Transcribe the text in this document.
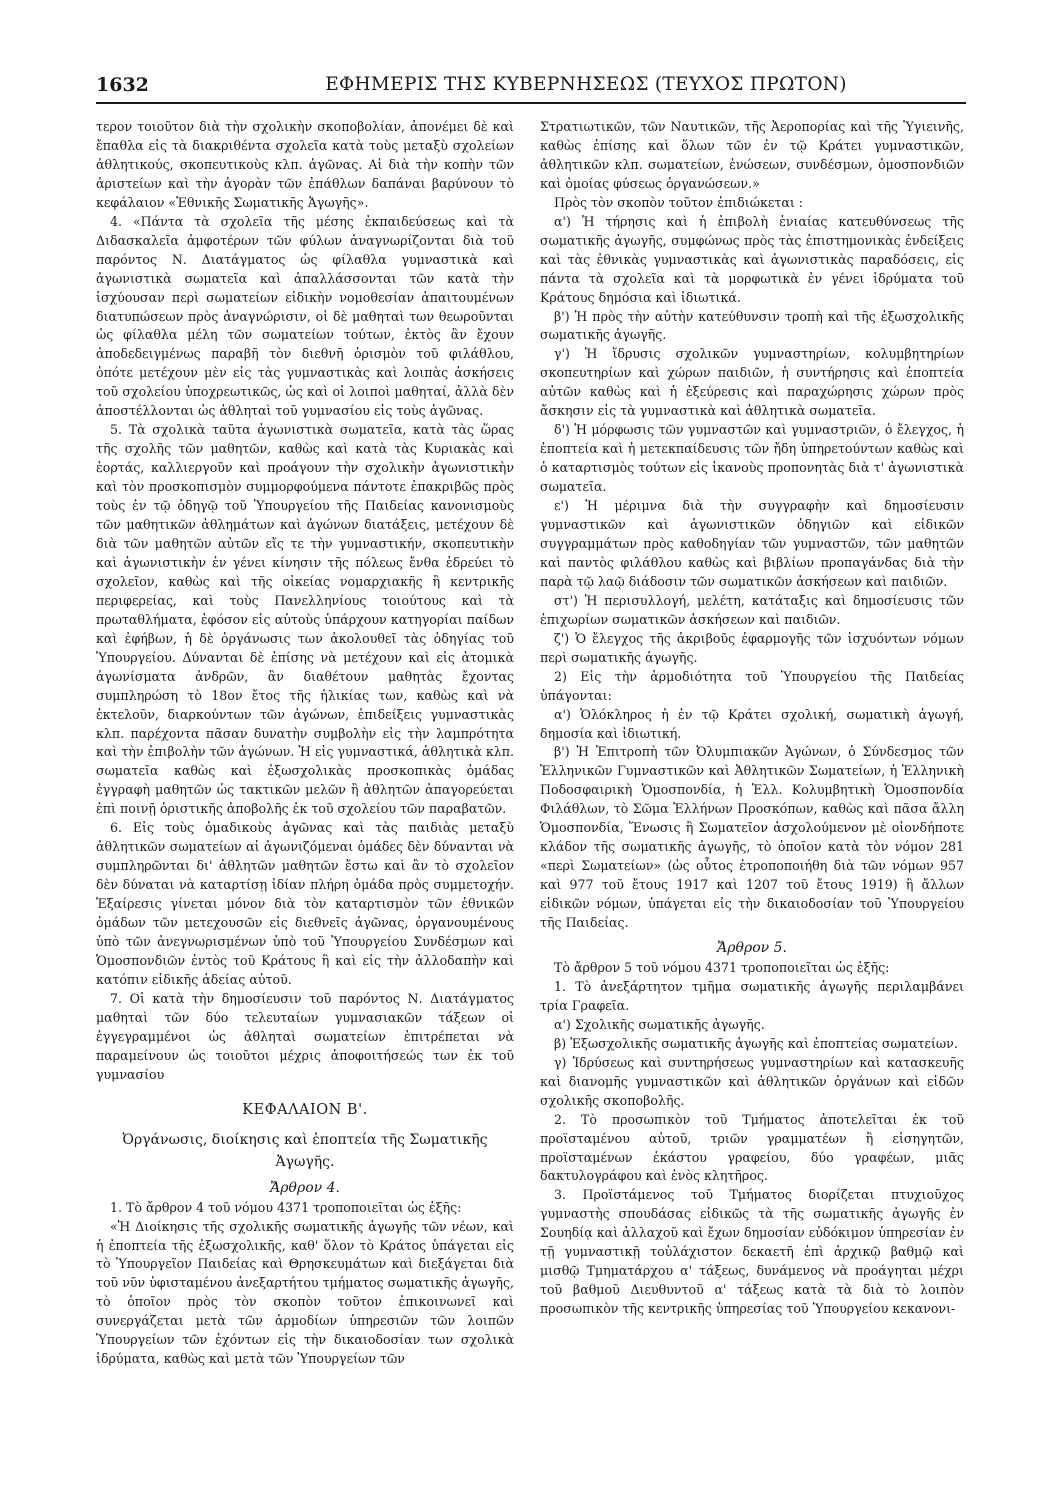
1632	ΕΦΗΜΕΡΙΣ ΤΗΣ ΚΥΒΕΡΝΗΣΕΩΣ (ΤΕΥΧΟΣ ΠΡΩΤΟΝ)

τερον τοιοῦτον διὰ τὴν σχολικὴν σκοποβολίαν, ἀπονέμει δὲ καὶ ἔπαθλα εἰς τὰ διακριθέντα σχολεῖα κατὰ τοὺς μεταξὺ σχολείων ἀθλητικούς, σκοπευτικοὺς κλπ. ἀγῶνας. Αἱ διὰ τὴν κοπὴν τῶν ἀριστείων καὶ τὴν ἀγορὰν τῶν ἐπάθλων δαπάναι βαρύνουν τὸ κεφάλαιον «Ἐθνικῆς Σωματικῆς Ἀγωγῆς».

4. «Πάντα τὰ σχολεῖα τῆς μέσης ἐκπαιδεύσεως καὶ τὰ Διδασκαλεῖα ἀμφοτέρων τῶν φύλων ἀναγνωρίζονται διὰ τοῦ παρόντος Ν. Διατάγματος ὡς φίλαθλα γυμναστικὰ καὶ ἀγωνιστικὰ σωματεῖα καὶ ἀπαλλάσσονται τῶν κατὰ τὴν ἰσχύουσαν περὶ σωματείων εἰδικὴν νομοθεσίαν ἀπαιτουμένων διατυπώσεων πρὸς ἀναγνώρισιν, οἱ δὲ μαθηταὶ των θεωροῦνται ὡς φίλαθλα μέλη τῶν σωματείων τούτων, ἐκτὸς ἂν ἔχουν ἀποδεδειγμένως παραβῆ τὸν διεθνῆ ὁρισμὸν τοῦ φιλάθλου, ὁπότε μετέχουν μὲν εἰς τὰς γυμναστικὰς καὶ λοιπὰς ἀσκήσεις τοῦ σχολείου ὑποχρεωτικῶς, ὡς καὶ οἱ λοιποὶ μαθηταί, ἀλλὰ δὲν ἀποστέλλονται ὡς ἀθληταὶ τοῦ γυμνασίου εἰς τοὺς ἀγῶνας.

5. Τὰ σχολικὰ ταῦτα ἀγωνιστικὰ σωματεῖα, κατὰ τὰς ὥρας τῆς σχολῆς τῶν μαθητῶν, καθὼς καὶ κατὰ τὰς Κυριακὰς καὶ ἑορτάς, καλλιεργοῦν καὶ προάγουν τὴν σχολικὴν ἀγωνιστικὴν καὶ τὸν προσκοπισμὸν συμμορφούμενα πάντοτε ἐπακριβῶς πρὸς τοὺς ἐν τῷ ὁδηγῷ τοῦ Ὑπουργείου τῆς Παιδείας κανονισμοὺς τῶν μαθητικῶν ἀθλημάτων καὶ ἀγώνων διατάξεις, μετέχουν δὲ διὰ τῶν μαθητῶν αὐτῶν εἴς τε τὴν γυμναστικήν, σκοπευτικὴν καὶ ἀγωνιστικὴν ἐν γένει κίνησιν τῆς πόλεως ἔνθα ἑδρεύει τὸ σχολεῖον, καθὼς καὶ τῆς οἰκείας νομαρχιακῆς ἢ κεντρικῆς περιφερείας, καὶ τοὺς Πανελληνίους τοιούτους καὶ τὰ πρωταθλήματα, ἐφόσον εἰς αὐτοὺς ὑπάρχουν κατηγορίαι παίδων καὶ ἐφήβων, ἡ δὲ ὀργάνωσις των ἀκολουθεῖ τὰς ὁδηγίας τοῦ Ὑπουργείου. Δύνανται δὲ ἐπίσης νὰ μετέχουν καὶ εἰς ἀτομικὰ ἀγωνίσματα ἀνδρῶν, ἂν διαθέτουν μαθητὰς ἔχοντας συμπληρώση τὸ 18ον ἔτος τῆς ἡλικίας των, καθὼς καὶ νὰ ἐκτελοῦν, διαρκούντων τῶν ἀγώνων, ἐπιδείξεις γυμναστικὰς κλπ. παρέχοντα πᾶσαν δυνατὴν συμβολὴν εἰς τὴν λαμπρότητα καὶ τὴν ἐπιβολὴν τῶν ἀγώνων. Ἡ εἰς γυμναστικά, ἀθλητικὰ κλπ. σωματεῖα καθὼς καὶ ἐξωσχολικὰς προσκοπικὰς ὁμάδας ἐγγραφὴ μαθητῶν ὡς τακτικῶν μελῶν ἢ ἀθλητῶν ἀπαγορεύεται ἐπὶ ποινῇ ὁριστικῆς ἀποβολῆς ἐκ τοῦ σχολείου τῶν παραβατῶν.

6. Εἰς τοὺς ὁμαδικοὺς ἀγῶνας καὶ τὰς παιδιὰς μεταξὺ ἀθλητικῶν σωματείων αἱ ἀγωνιζόμεναι ὁμάδες δὲν δύνανται νὰ συμπληρῶνται δι' ἀθλητῶν μαθητῶν ἔστω καὶ ἂν τὸ σχολεῖον δὲν δύναται νὰ καταρτίσῃ ἰδίαν πλήρη ὁμάδα πρὸς συμμετοχήν. Ἐξαίρεσις γίνεται μόνον διὰ τὸν καταρτισμὸν τῶν ἐθνικῶν ὁμάδων τῶν μετεχουσῶν εἰς διεθνεῖς ἀγῶνας, ὀργανουμένους ὑπὸ τῶν ἀνεγνωρισμένων ὑπὸ τοῦ Ὑπουργείου Συνδέσμων καὶ Ὁμοσπονδιῶν ἐντὸς τοῦ Κράτους ἢ καὶ εἰς τὴν ἀλλοδαπὴν καὶ κατόπιν εἰδικῆς ἀδείας αὐτοῦ.

7. Οἱ κατὰ τὴν δημοσίευσιν τοῦ παρόντος Ν. Διατάγματος μαθηταὶ τῶν δύο τελευταίων γυμνασιακῶν τάξεων οἱ ἐγγεγραμμένοι ὡς ἀθληταὶ σωματείων ἐπιτρέπεται νὰ παραμείνουν ὡς τοιοῦτοι μέχρις ἀποφοιτήσεώς των ἐκ τοῦ γυμνασίου

ΚΕΦΑΛΑΙΟΝ Β'.

Ὀργάνωσις, διοίκησις καὶ ἐποπτεία τῆς Σωματικῆς

Ἀγωγῆς.

Ἄρθρον 4.

1. Τὸ ἄρθρον 4 τοῦ νόμου 4371 τροποποιεῖται ὡς ἑξῆς:

«Ἡ Διοίκησις τῆς σχολικῆς σωματικῆς ἀγωγῆς τῶν νέων, καὶ ἡ ἐποπτεία τῆς ἐξωσχολικῆς, καθ' ὅλον τὸ Κράτος ὑπάγεται εἰς τὸ Ὑπουργεῖον Παιδείας καὶ Θρησκευμάτων καὶ διεξάγεται διὰ τοῦ νῦν ὑφισταμένου ἀνεξαρτήτου τμήματος σωματικῆς ἀγωγῆς, τὸ ὁποῖον πρὸς τὸν σκοπὸν τοῦτον ἐπικοινωνεῖ καὶ συνεργάζεται μετὰ τῶν ἁρμοδίων ὑπηρεσιῶν τῶν λοιπῶν Ὑπουργείων τῶν ἐχόντων εἰς τὴν δικαιοδοσίαν των σχολικὰ ἱδρύματα, καθὼς καὶ μετὰ τῶν Ὑπουργείων τῶν

Στρατιωτικῶν, τῶν Ναυτικῶν, τῆς Ἀεροπορίας καὶ τῆς Ὑγιεινῆς, καθὼς ἐπίσης καὶ ὅλων τῶν ἐν τῷ Κράτει γυμναστικῶν, ἀθλητικῶν κλπ. σωματείων, ἑνώσεων, συνδέσμων, ὁμοσπονδιῶν καὶ ὁμοίας φύσεως ὀργανώσεων.»

Πρὸς τὸν σκοπὸν τοῦτον ἐπιδιώκεται :

α') Ἡ τήρησις καὶ ἡ ἐπιβολὴ ἑνιαίας κατευθύνσεως τῆς σωματικῆς ἀγωγῆς, συμφώνως πρὸς τὰς ἐπιστημονικὰς ἐνδείξεις καὶ τὰς ἐθνικὰς γυμναστικὰς καὶ ἀγωνιστικὰς παραδόσεις, εἰς πάντα τὰ σχολεῖα καὶ τὰ μορφωτικὰ ἐν γένει ἱδρύματα τοῦ Κράτους δημόσια καὶ ἰδιωτικά.

β') Ἡ πρὸς τὴν αὐτὴν κατεύθυνσιν τροπὴ καὶ τῆς ἐξωσχολικῆς σωματικῆς ἀγωγῆς.

γ') Ἡ ἵδρυσις σχολικῶν γυμναστηρίων, κολυμβητηρίων σκοπευτηρίων καὶ χώρων παιδιῶν, ἡ συντήρησις καὶ ἐποπτεία αὐτῶν καθὼς καὶ ἡ ἐξεύρεσις καὶ παραχώρησις χώρων πρὸς ἄσκησιν εἰς τὰ γυμναστικὰ καὶ ἀθλητικὰ σωματεῖα.

δ') Ἡ μόρφωσις τῶν γυμναστῶν καὶ γυμναστριῶν, ὁ ἔλεγχος, ἡ ἐποπτεία καὶ ἡ μετεκπαίδευσις τῶν ἤδη ὑπηρετούντων καθὼς καὶ ὁ καταρτισμὸς τούτων εἰς ἱκανοὺς προπονητὰς διὰ τ' ἀγωνιστικὰ σωματεῖα.

ε') Ἡ μέριμνα διὰ τὴν συγγραφὴν καὶ δημοσίευσιν γυμναστικῶν καὶ ἀγωνιστικῶν ὁδηγιῶν καὶ εἰδικῶν συγγραμμάτων πρὸς καθοδηγίαν τῶν γυμναστῶν, τῶν μαθητῶν καὶ παντὸς φιλάθλου καθὼς καὶ βιβλίων προπαγάνδας διὰ τὴν παρὰ τῷ λαῷ διάδοσιν τῶν σωματικῶν ἀσκήσεων καὶ παιδιῶν.

στ') Ἡ περισυλλογή, μελέτη, κατάταξις καὶ δημοσίευσις τῶν ἐπιχωρίων σωματικῶν ἀσκήσεων καὶ παιδιῶν.

ζ') Ὁ ἔλεγχος τῆς ἀκριβοῦς ἐφαρμογῆς τῶν ἰσχυόντων νόμων περὶ σωματικῆς ἀγωγῆς.

2) Εἰς τὴν ἁρμοδιότητα τοῦ Ὑπουργείου τῆς Παιδείας ὑπάγονται:

α') Ὁλόκληρος ἡ ἐν τῷ Κράτει σχολική, σωματικὴ ἀγωγή, δημοσία καὶ ἰδιωτική.

β') Ἡ Ἐπιτροπὴ τῶν Ὀλυμπιακῶν Ἀγώνων, ὁ Σύνδεσμος τῶν Ἑλληνικῶν Γυμναστικῶν καὶ Ἀθλητικῶν Σωματείων, ἡ Ἑλληνικὴ Ποδοσφαιρικὴ Ὁμοσπονδία, ἡ Ἑλλ. Κολυμβητικὴ Ὁμοσπονδία Φιλάθλων, τὸ Σῶμα Ἑλλήνων Προσκόπων, καθὼς καὶ πᾶσα ἄλλη Ὁμοσπονδία, Ἕνωσις ἢ Σωματεῖον ἀσχολούμενον μὲ οἱονδήποτε κλάδον τῆς σωματικῆς ἀγωγῆς, τὸ ὁποῖον κατὰ τὸν νόμον 281 «περὶ Σωματείων» (ὡς οὗτος ἐτροποποιήθη διὰ τῶν νόμων 957 καὶ 977 τοῦ ἔτους 1917 καὶ 1207 τοῦ ἔτους 1919) ἢ ἄλλων εἰδικῶν νόμων, ὑπάγεται εἰς τὴν δικαιοδοσίαν τοῦ Ὑπουργείου τῆς Παιδείας.

Ἄρθρον 5.

Τὸ ἄρθρον 5 τοῦ νόμου 4371 τροποποιεῖται ὡς ἑξῆς:

1. Τὸ ἀνεξάρτητον τμῆμα σωματικῆς ἀγωγῆς περιλαμβάνει τρία Γραφεῖα.

α') Σχολικῆς σωματικῆς ἀγωγῆς.

β) Ἐξωσχολικῆς σωματικῆς ἀγωγῆς καὶ ἐποπτείας σωματείων.

γ) Ἱδρύσεως καὶ συντηρήσεως γυμναστηρίων καὶ κατασκευῆς καὶ διανομῆς γυμναστικῶν καὶ ἀθλητικῶν ὀργάνων καὶ εἰδῶν σχολικῆς σκοποβολῆς.

2. Τὸ προσωπικὸν τοῦ Τμήματος ἀποτελεῖται ἐκ τοῦ προϊσταμένου αὐτοῦ, τριῶν γραμματέων ἢ εἰσηγητῶν, προϊσταμένων ἑκάστου γραφείου, δύο γραφέων, μιᾶς δακτυλογράφου καὶ ἑνὸς κλητῆρος.

3. Προϊστάμενος τοῦ Τμήματος διορίζεται πτυχιοῦχος γυμναστὴς σπουδάσας εἰδικῶς τὰ τῆς σωματικῆς ἀγωγῆς ἐν Σουηδίᾳ καὶ ἀλλαχοῦ καὶ ἔχων δημοσίαν εὐδόκιμον ὑπηρεσίαν ἐν τῇ γυμναστικῇ τοὐλάχιστον δεκαετῆ ἐπὶ ἀρχικῷ βαθμῷ καὶ μισθῷ Τμηματάρχου α' τάξεως, δυνάμενος νὰ προάγηται μέχρι τοῦ βαθμοῦ Διευθυντοῦ α' τάξεως κατὰ τὰ διὰ τὸ λοιπὸν προσωπικὸν τῆς κεντρικῆς ὑπηρεσίας τοῦ Ὑπουργείου κεκανονι-
